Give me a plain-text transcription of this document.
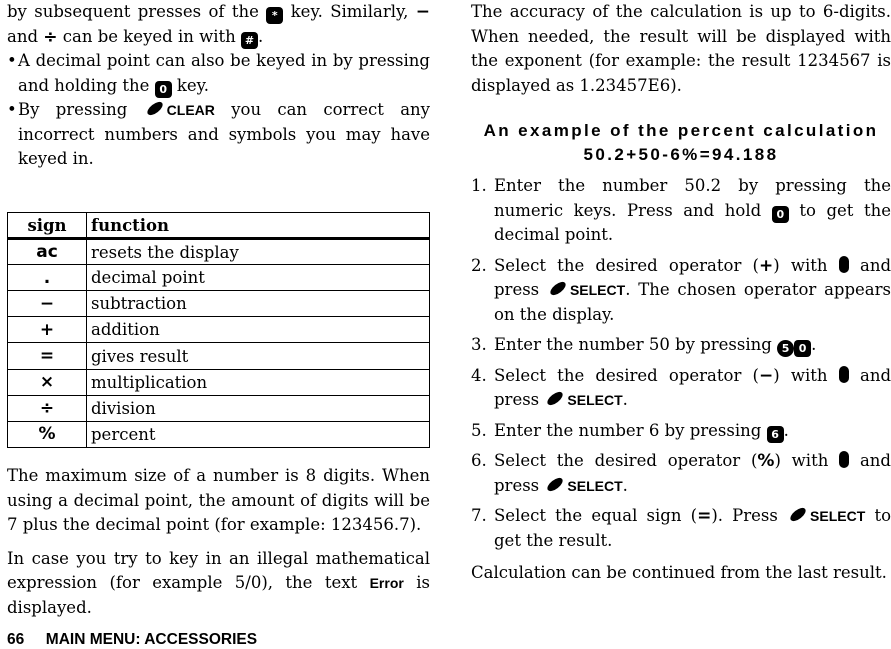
by subsequent presses of the * key. Similarly, − and ÷ can be keyed in with # .

• A decimal point can also be keyed in by pressing and holding the 0 key.

• By pressing	CLEAR you can correct any incorrect numbers and symbols you may have keyed in.

sign	function
ac	resets the display
.	decimal point
−	subtraction
+	addition
=	gives result
×	multiplication
÷	division
%	percent

The maximum size of a number is 8 digits. When using a decimal point, the amount of digits will be 7 plus the decimal point (for example: 123456.7).

In case you try to key in an illegal mathematical expression (for example 5/0), the text Error is displayed.

The accuracy of the calculation is up to 6-digits. When needed, the result will be displayed with the exponent (for example: the result 1234567 is displayed as 1.23457E6).

An example of the percent calculation
50.2+50-6%=94.188
1. Enter the number 50.2 by pressing the numeric keys. Press and hold 0 to get the decimal point.
2. Select the desired operator (+) with and press SELECT. The chosen operator appears on the display.
3. Enter the number 50 by pressing 5 0 .
4. Select the desired operator (−) with and press SELECT.
5. Enter the number 6 by pressing 6 .
6. Select the desired operator (%) with and press SELECT.
7. Select the equal sign (=). Press SELECT to get the result.

Calculation can be continued from the last result.

66 MAIN MENU: ACCESSORIES
